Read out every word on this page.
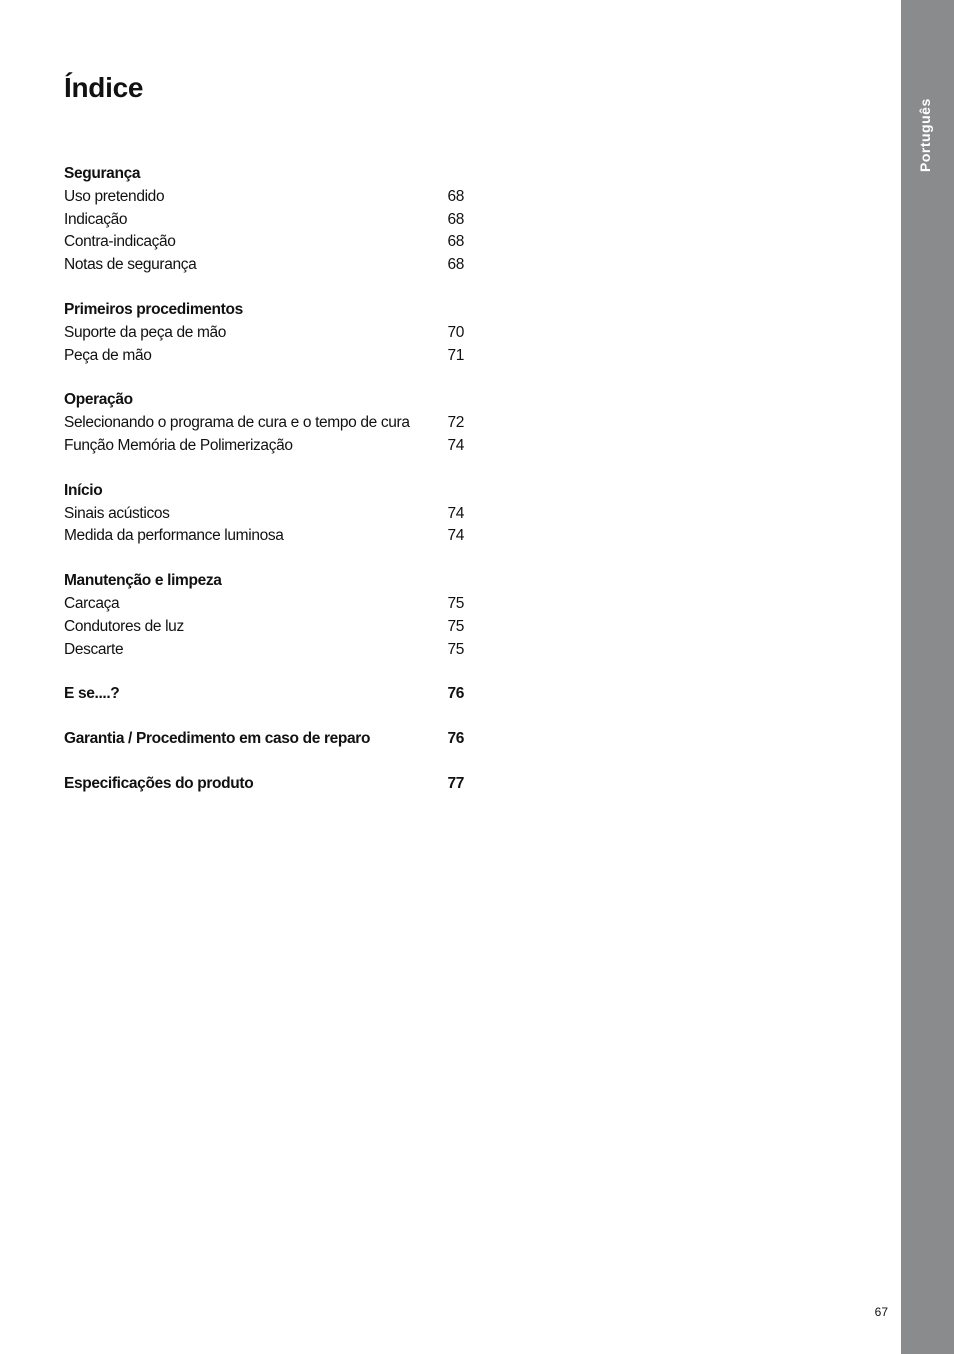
Índice
Segurança
Uso pretendido	68
Indicação	68
Contra-indicação	68
Notas de segurança	68
Primeiros procedimentos
Suporte da peça de mão	70
Peça de mão	71
Operação
Selecionando o programa de cura e o tempo de cura	72
Função Memória de Polimerização	74
Início
Sinais acústicos	74
Medida da performance luminosa	74
Manutenção e limpeza
Carcaça	75
Condutores de luz	75
Descarte	75
E se....?	76
Garantia / Procedimento em caso de reparo	76
Especificações do produto	77
Português
67
